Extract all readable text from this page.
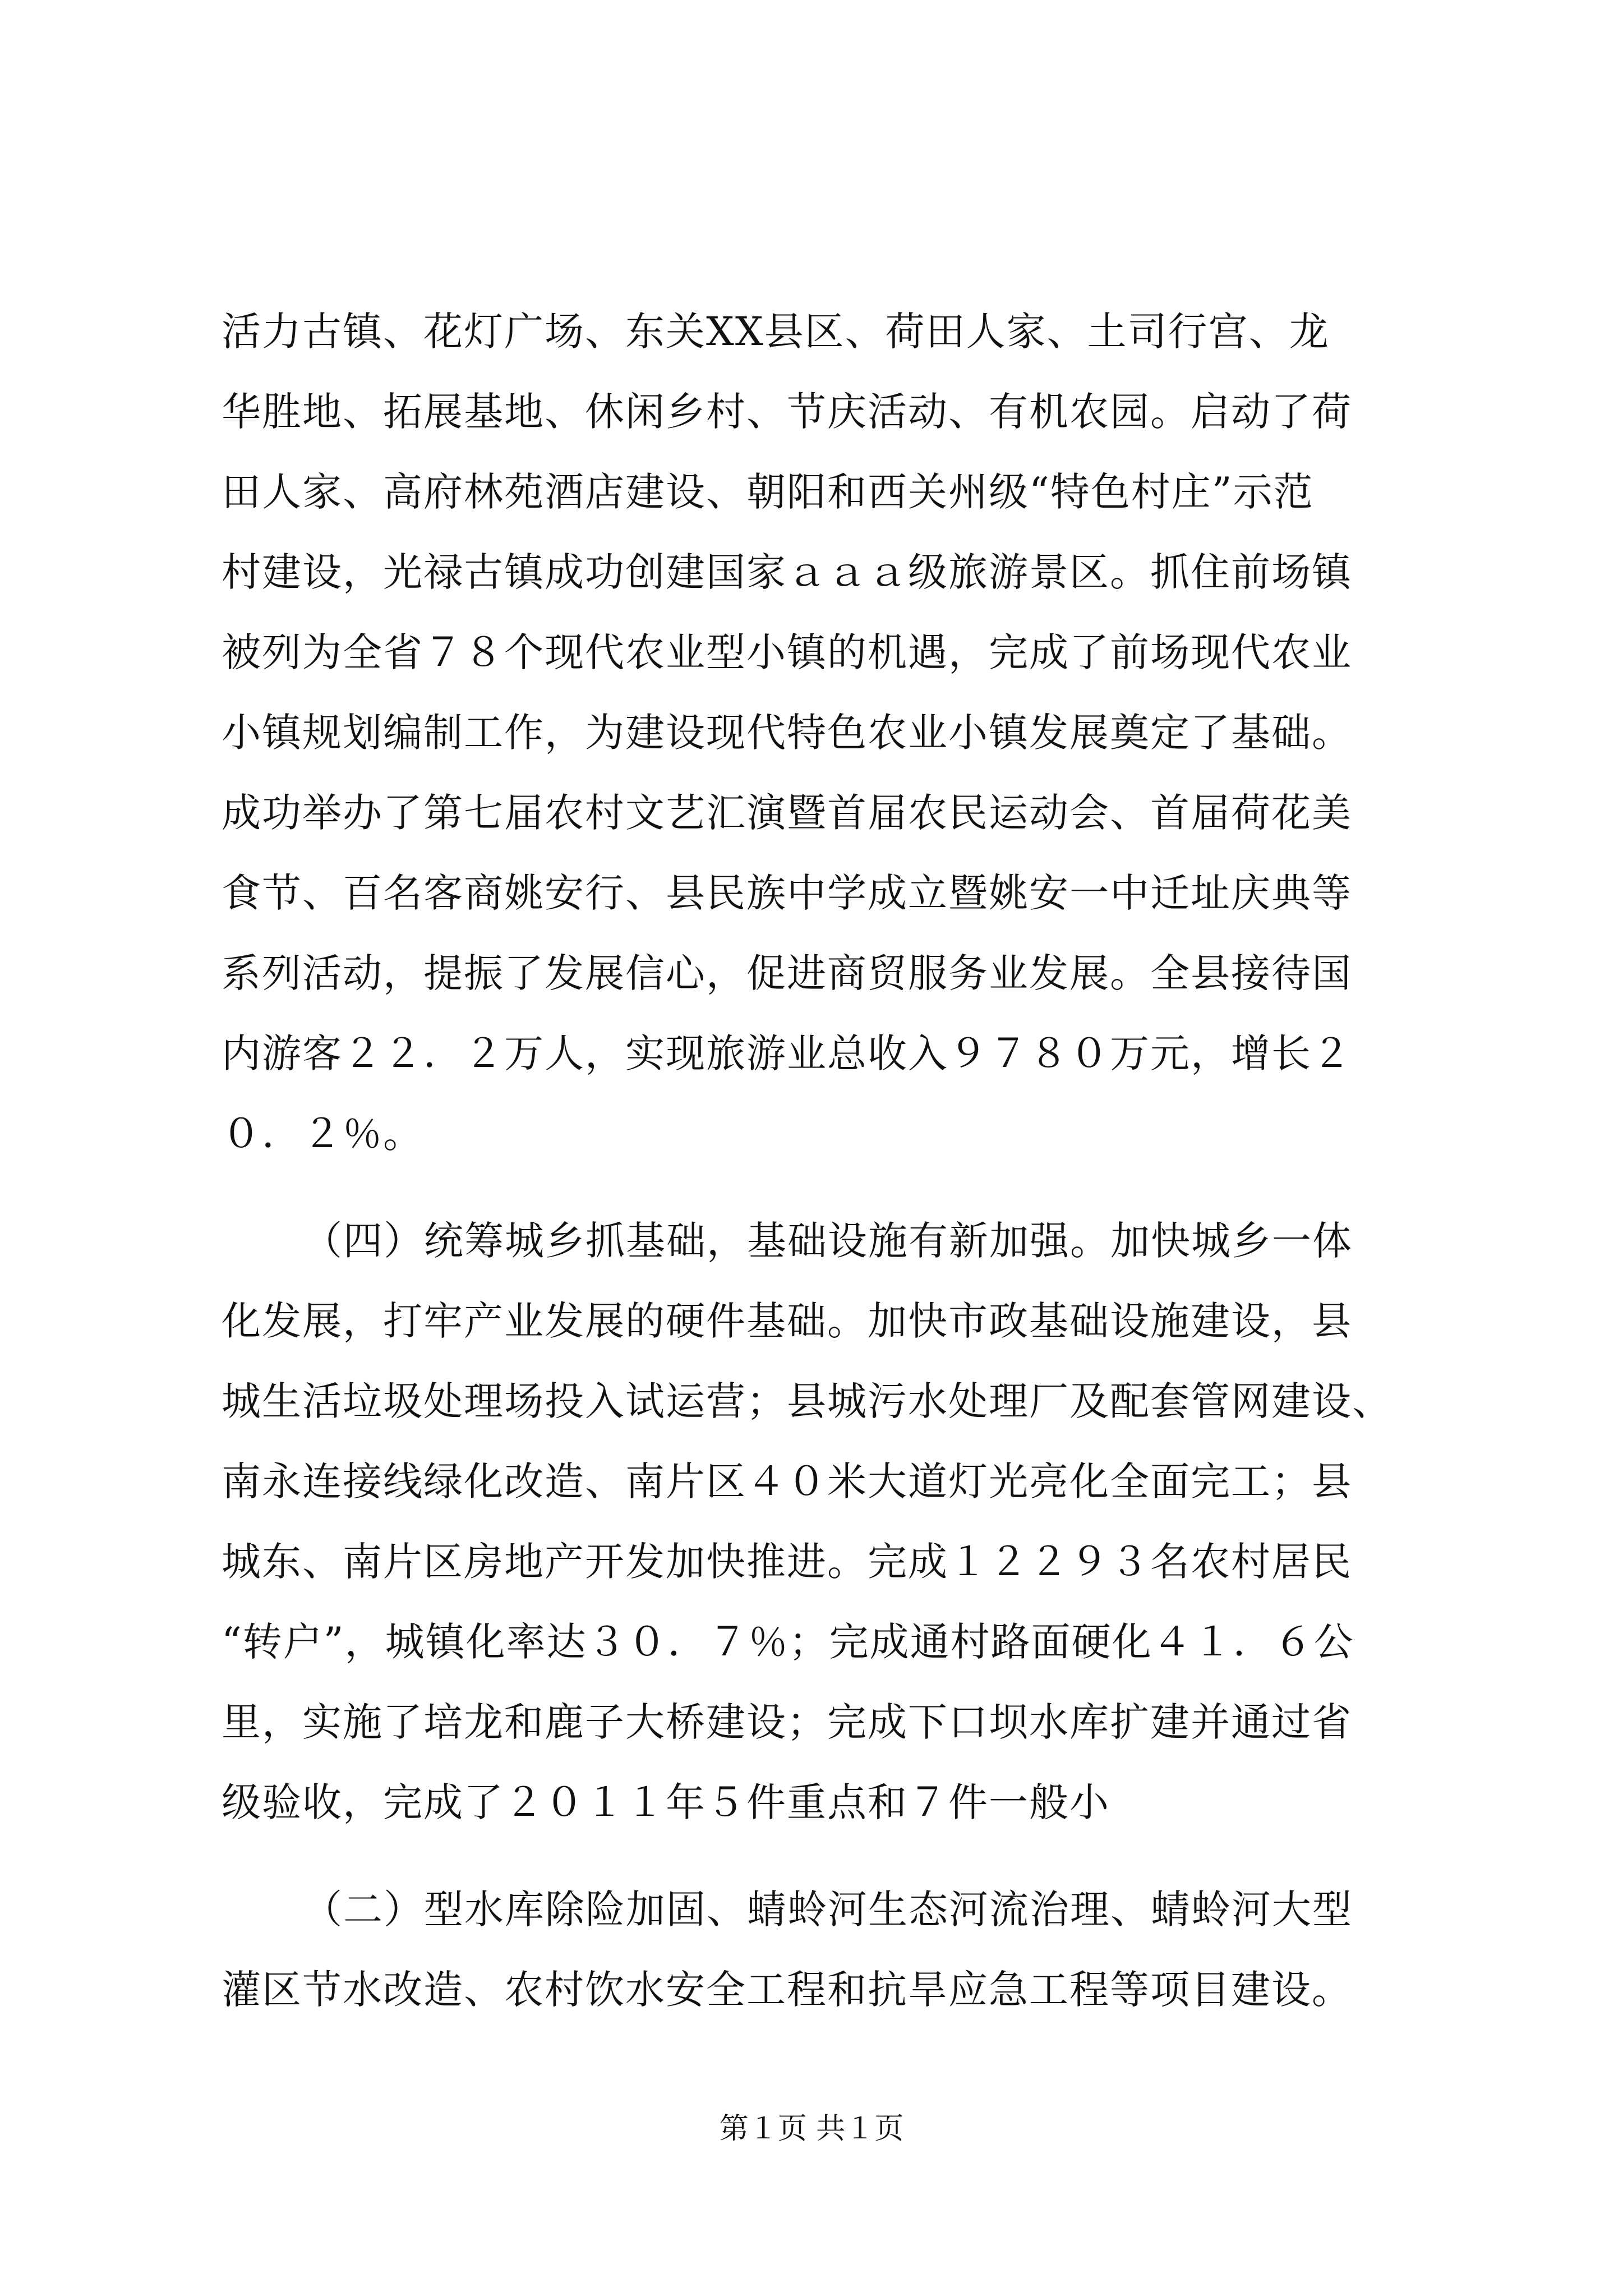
活力古镇、花灯广场、东关XX县区、荷田人家、土司行宫、龙
华胜地、拓展基地、休闲乡村、节庆活动、有机农园。启动了荷
田人家、高府林苑酒店建设、朝阳和西关州级“特色村庄”示范
村建设，光禄古镇成功创建国家ａａａ级旅游景区。抓住前场镇
被列为全省７８个现代农业型小镇的机遇，完成了前场现代农业
小镇规划编制工作，为建设现代特色农业小镇发展奠定了基础。
成功举办了第七届农村文艺汇演暨首届农民运动会、首届荷花美
食节、百名客商姚安行、县民族中学成立暨姚安一中迁址庆典等
系列活动，提振了发展信心，促进商贸服务业发展。全县接待国
内游客２２．２万人，实现旅游业总收入９７８０万元，增长２
０．２％。
（四）统筹城乡抓基础，基础设施有新加强。加快城乡一体
化发展，打牢产业发展的硬件基础。加快市政基础设施建设，县
城生活垃圾处理场投入试运营；县城污水处理厂及配套管网建设、
南永连接线绿化改造、南片区４０米大道灯光亮化全面完工；县
城东、南片区房地产开发加快推进。完成１２２９３名农村居民
“转户”，城镇化率达３０．７％；完成通村路面硬化４１．６公
里，实施了培龙和鹿子大桥建设；完成下口坝水库扩建并通过省
级验收，完成了２０１１年５件重点和７件一般小
（二）型水库除险加固、蜻蛉河生态河流治理、蜻蛉河大型
灌区节水改造、农村饮水安全工程和抗旱应急工程等项目建设。
第１页 共１页
